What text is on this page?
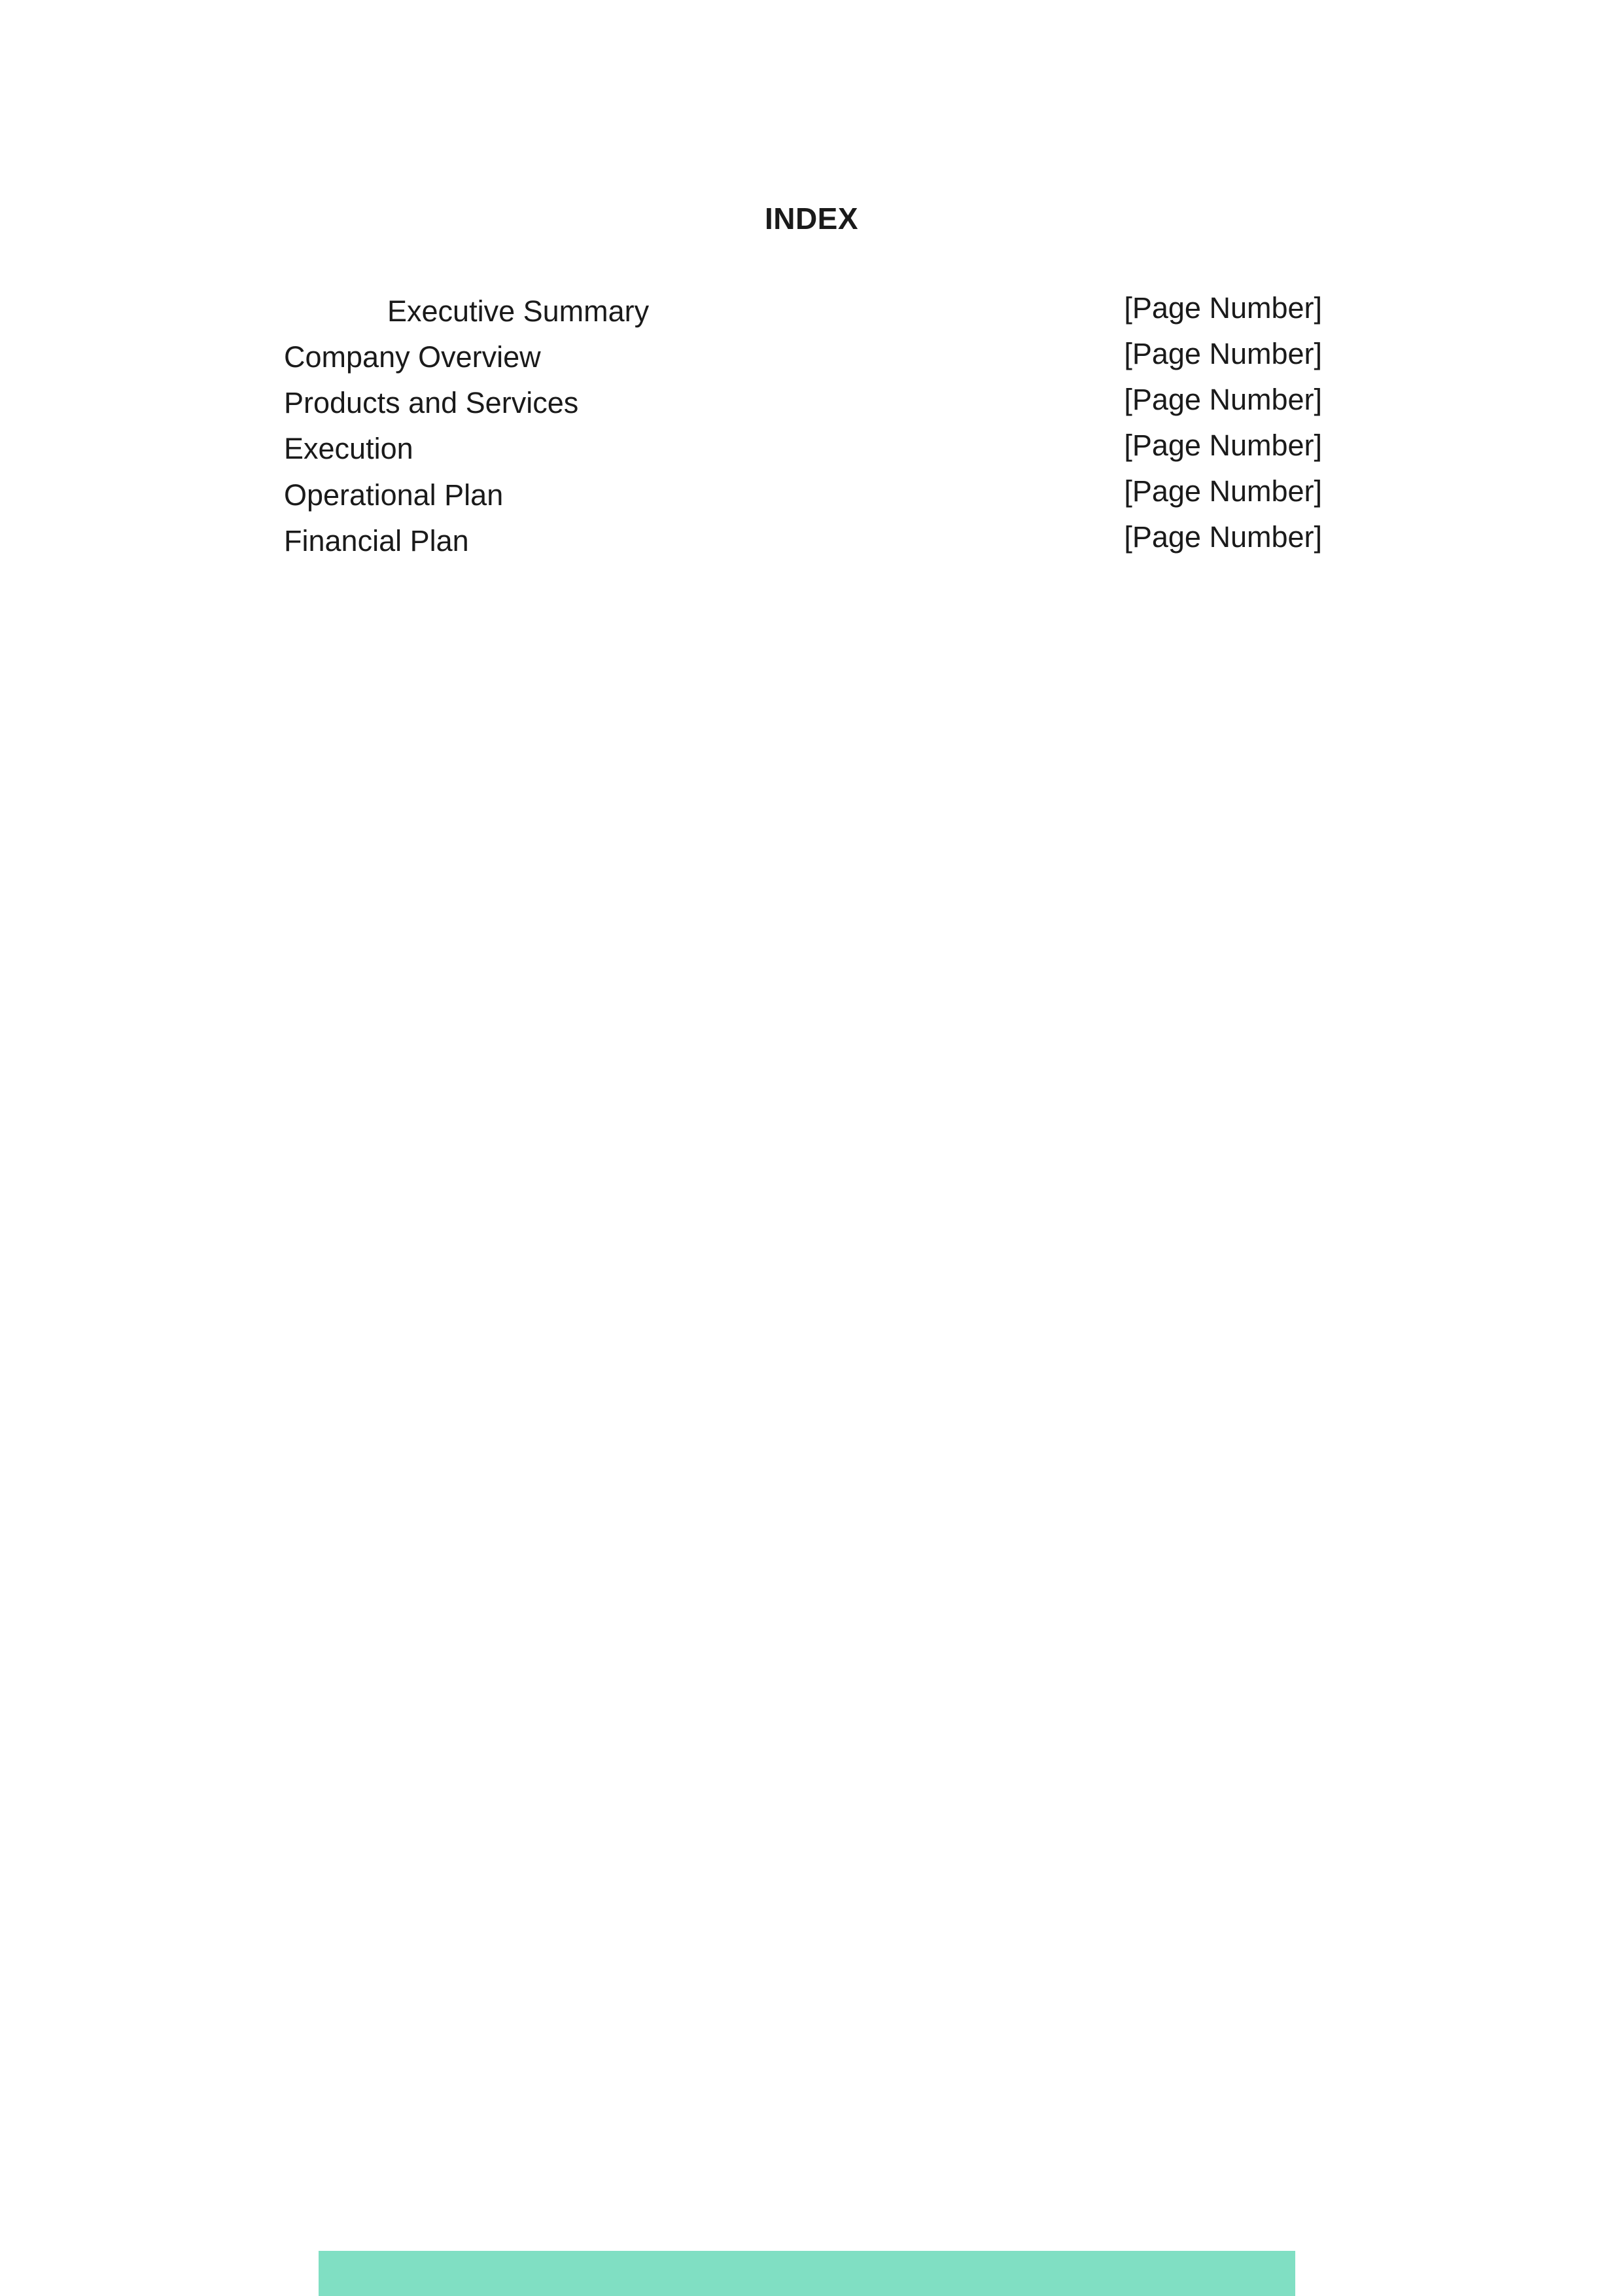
INDEX
Executive Summary	[Page Number]
Company Overview	[Page Number]
Products and Services	[Page Number]
Execution	[Page Number]
Operational Plan	[Page Number]
Financial Plan	[Page Number]
